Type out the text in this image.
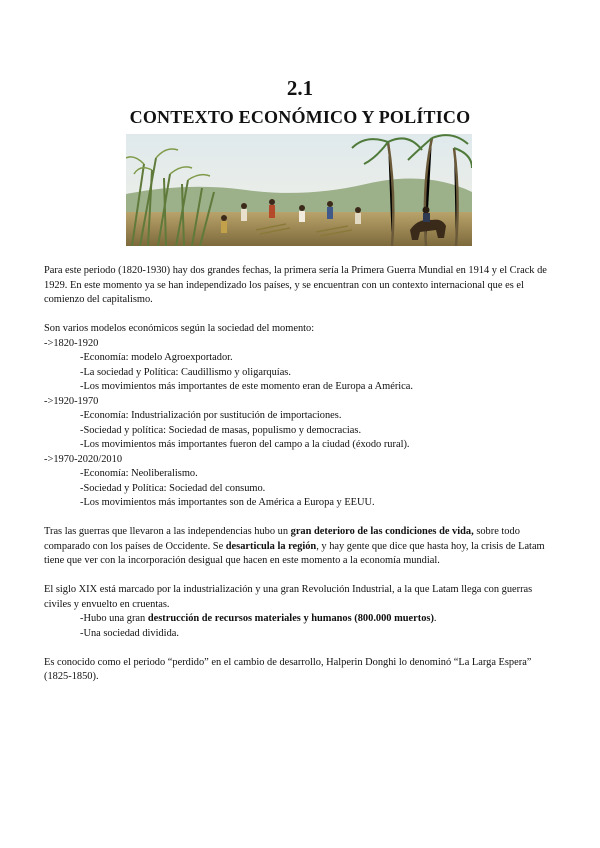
2.1
CONTEXTO ECONÓMICO Y POLÍTICO

Para este periodo (1820-1930) hay dos grandes fechas, la primera sería la Primera Guerra Mundial en 1914 y el Crack de 1929. En este momento ya se han independizado los países, y se encuentran con un contexto internacional que es el comienzo del capitalismo.

Son varios modelos económicos según la sociedad del momento:

->1820-1920

-Economía: modelo Agroexportador.

-La sociedad y Política: Caudillismo y oligarquías.

-Los movimientos más importantes de este momento eran de Europa a América.

->1920-1970

-Economía: Industrialización por sustitución de importaciones.

-Sociedad y política: Sociedad de masas, populismo y democracias.

-Los movimientos más importantes fueron del campo a la ciudad (éxodo rural).

->1970-2020/2010

-Economía: Neoliberalismo.

-Sociedad y Política: Sociedad del consumo.

-Los movimientos más importantes son de América a Europa y EEUU.

Tras las guerras que llevaron a las independencias hubo un gran deterioro de las condiciones de vida, sobre todo comparado con los países de Occidente. Se desarticula la región, y hay gente que dice que hasta hoy, la crisis de Latam tiene que ver con la incorporación desigual que hacen en este momento a la economía mundial.

El siglo XIX está marcado por la industrialización y una gran Revolución Industrial, a la que Latam llega con guerras civiles y envuelto en cruentas.

-Hubo una gran destrucción de recursos materiales y humanos (800.000 muertos).

-Una sociedad dividida.

Es conocido como el periodo “perdido” en el cambio de desarrollo, Halperin Donghi lo denominó “La Larga Espera” (1825-1850).
